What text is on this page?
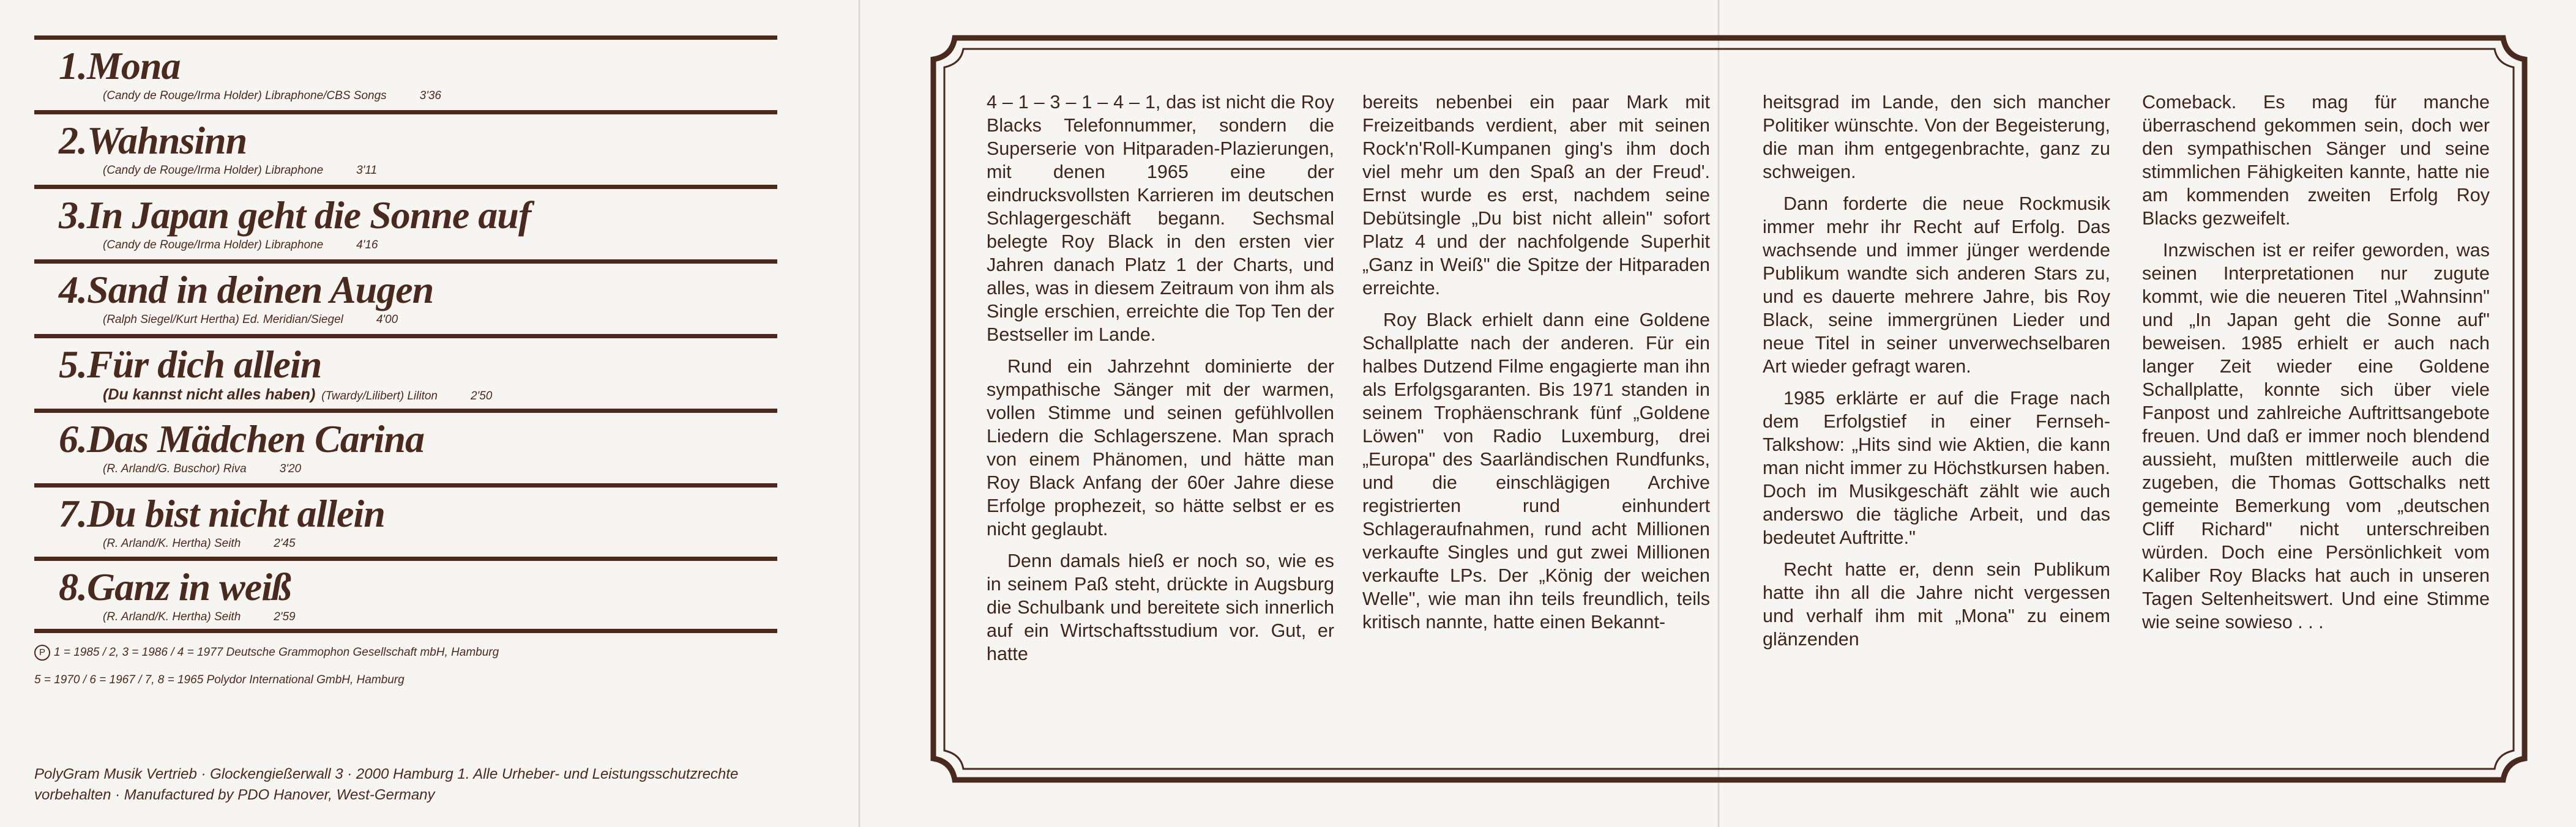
1.Mona
(Candy de Rouge/Irma Holder) Libraphone/CBS Songs	3'36
2.Wahnsinn
(Candy de Rouge/Irma Holder) Libraphone	3'11
3.In Japan geht die Sonne auf
(Candy de Rouge/Irma Holder) Libraphone	4'16
4.Sand in deinen Augen
(Ralph Siegel/Kurt Hertha) Ed. Meridian/Siegel	4'00
5.Für dich allein
(Du kannst nicht alles haben) (Twardy/Lilibert) Liliton	2'50
6.Das Mädchen Carina
(R. Arland/G. Buschor) Riva	3'20
7.Du bist nicht allein
(R. Arland/K. Hertha) Seith	2'45
8.Ganz in weiß
(R. Arland/K. Hertha) Seith	2'59
P 1 = 1985 / 2, 3 = 1986 / 4 = 1977 Deutsche Grammophon Gesellschaft mbH, Hamburg
5 = 1970 / 6 = 1967 / 7, 8 = 1965 Polydor International GmbH, Hamburg
PolyGram Musik Vertrieb · Glockengießerwall 3 · 2000 Hamburg 1. Alle Urheber- und Leistungsschutzrechte
vorbehalten · Manufactured by PDO Hanover, West-Germany

4 – 1 – 3 – 1 – 4 – 1, das ist nicht die Roy Blacks Telefonnummer, sondern die Superserie von Hitparaden-Plazierungen, mit denen 1965 eine der eindrucksvollsten Karrieren im deutschen Schlagergeschäft begann. Sechsmal belegte Roy Black in den ersten vier Jahren danach Platz 1 der Charts, und alles, was in diesem Zeitraum von ihm als Single erschien, erreichte die Top Ten der Bestseller im Lande.

Rund ein Jahrzehnt dominierte der sympathische Sänger mit der warmen, vollen Stimme und seinen gefühlvollen Liedern die Schlagerszene. Man sprach von einem Phänomen, und hätte man Roy Black Anfang der 60er Jahre diese Erfolge prophezeit, so hätte selbst er es nicht geglaubt.

Denn damals hieß er noch so, wie es in seinem Paß steht, drückte in Augsburg die Schulbank und bereitete sich innerlich auf ein Wirtschaftsstudium vor. Gut, er hatte

bereits nebenbei ein paar Mark mit Freizeitbands verdient, aber mit seinen Rock'n'Roll-Kumpanen ging's ihm doch viel mehr um den Spaß an der Freud'. Ernst wurde es erst, nachdem seine Debütsingle „Du bist nicht allein" sofort Platz 4 und der nachfolgende Superhit „Ganz in Weiß" die Spitze der Hitparaden erreichte.

Roy Black erhielt dann eine Goldene Schallplatte nach der anderen. Für ein halbes Dutzend Filme engagierte man ihn als Erfolgsgaranten. Bis 1971 standen in seinem Trophäenschrank fünf „Goldene Löwen" von Radio Luxemburg, drei „Europa" des Saarländischen Rundfunks, und die einschlägigen Archive registrierten rund einhundert Schlageraufnahmen, rund acht Millionen verkaufte Singles und gut zwei Millionen verkaufte LPs. Der „König der weichen Welle", wie man ihn teils freundlich, teils kritisch nannte, hatte einen Bekannt-

heitsgrad im Lande, den sich mancher Politiker wünschte. Von der Begeisterung, die man ihm entgegenbrachte, ganz zu schweigen.

Dann forderte die neue Rockmusik immer mehr ihr Recht auf Erfolg. Das wachsende und immer jünger werdende Publikum wandte sich anderen Stars zu, und es dauerte mehrere Jahre, bis Roy Black, seine immergrünen Lieder und neue Titel in seiner unverwechselbaren Art wieder gefragt waren.

1985 erklärte er auf die Frage nach dem Erfolgstief in einer Fernseh-Talkshow: „Hits sind wie Aktien, die kann man nicht immer zu Höchstkursen haben. Doch im Musikgeschäft zählt wie auch anderswo die tägliche Arbeit, und das bedeutet Auftritte."

Recht hatte er, denn sein Publikum hatte ihn all die Jahre nicht vergessen und verhalf ihm mit „Mona" zu einem glänzenden

Comeback. Es mag für manche überraschend gekommen sein, doch wer den sympathischen Sänger und seine stimmlichen Fähigkeiten kannte, hatte nie am kommenden zweiten Erfolg Roy Blacks gezweifelt.

Inzwischen ist er reifer geworden, was seinen Interpretationen nur zugute kommt, wie die neueren Titel „Wahnsinn" und „In Japan geht die Sonne auf" beweisen. 1985 erhielt er auch nach langer Zeit wieder eine Goldene Schallplatte, konnte sich über viele Fanpost und zahlreiche Auftrittsangebote freuen. Und daß er immer noch blendend aussieht, mußten mittlerweile auch die zugeben, die Thomas Gottschalks nett gemeinte Bemerkung vom „deutschen Cliff Richard" nicht unterschreiben würden. Doch eine Persönlichkeit vom Kaliber Roy Blacks hat auch in unseren Tagen Seltenheitswert. Und eine Stimme wie seine sowieso . . .
